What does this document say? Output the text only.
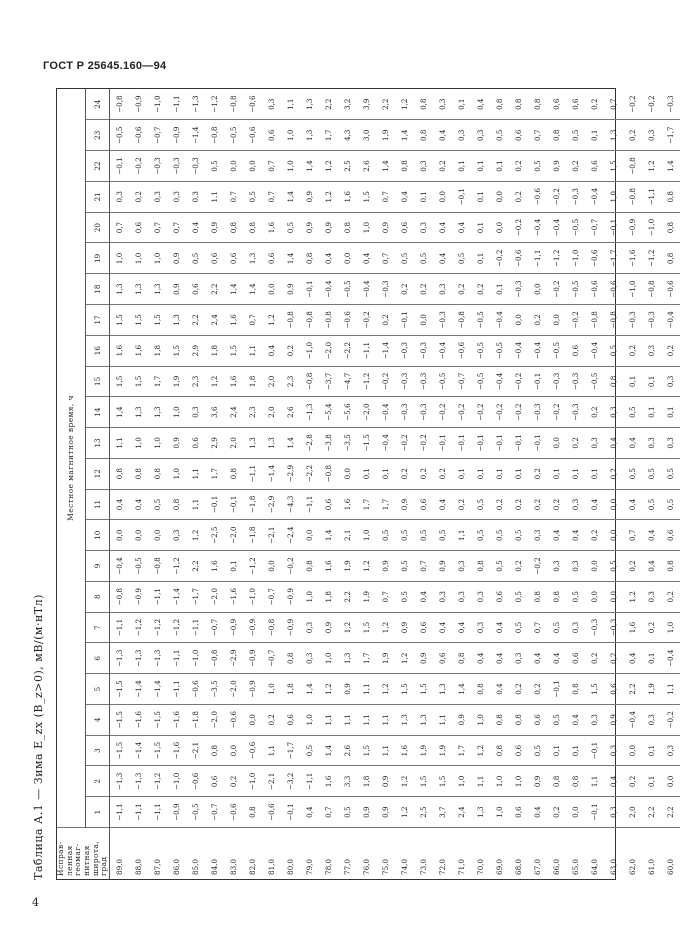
ГОСТ Р 25645.160—94
Таблица А.1 — Зима E_zx (B_z>0), мВ/(м·нТл)
4
Исправ- ленная геомаг- нитная широта, град	Местное магнитное время, ч																							
	1	2	3	4	5	6	7	8	9	10	11	12	13	14	15	16	17	18	19	20	21	22	23	24
89,0	−1,1	−1,3	−1,5	−1,5	−1,5	−1,3	−1,1	−0,8	−0,4	0,0	0,4	0,8	1,1	1,4	1,5	1,6	1,5	1,3	1,0	0,7	0,3	−0,1	−0,5	−0,8
88,0	−1,1	−1,3	−1,4	−1,6	−1,4	−1,3	−1,2	−0,9	−0,5	0,0	0,4	0,8	1,0	1,3	1,5	1,6	1,5	1,3	1,0	0,6	0,2	−0,2	−0,6	−0,9
87,0	−1,1	−1,2	−1,5	−1,5	−1,4	−1,3	−1,2	−1,1	−0,8	0,0	0,5	0,8	1,0	1,3	1,7	1,8	1,5	1,3	1,0	0,7	0,3	−0,3	−0,7	−1,0
86,0	−0,9	−1,0	−1,6	−1,6	−1,1	−1,1	−1,2	−1,4	−1,2	0,3	0,8	1,0	0,9	1,0	1,9	1,5	1,3	0,9	0,9	0,7	0,3	−0,3	−0,9	−1,1
85,0	−0,5	−0,6	−2,1	−1,8	−0,6	−1,0	−1,1	−1,7	2,2	1,2	1,1	1,1	0,6	0,3	2,3	2,9	2,2	0,6	0,5	0,4	0,3	−0,3	−1,4	−1,3
84,0	−0,7	0,6	0,8	−2,0	−3,5	−0,8	−0,7	−2,0	1,6	−2,5	−0,1	1,7	2,9	3,6	1,2	1,8	2,4	2,2	0,6	0,9	1,1	0,5	−0,8	−1,2
83,0	−0,6	0,2	0,0	−0,6	−2,0	−2,9	−0,9	−1,6	0,1	−2,0	−0,1	0,8	2,0	2,4	1,6	1,5	1,6	1,4	0,6	0,8	0,7	0,0	−0,5	−0,8
82,0	0,8	−1,0	−0,6	0,0	−0,9	−0,9	−0,9	−1,0	−1,2	−1,8	−1,8	−1,1	1,3	2,3	1,8	1,1	0,7	1,4	1,3	0,8	0,5	0,0	−0,6	−0,6
81,0	−0,6	−2,1	1,1	0,2	1,0	−0,7	−0,8	−0,7	0,0	−2,1	−2,9	−1,4	1,3	2,0	2,0	0,4	1,2	0,0	0,6	1,6	0,7	0,7	0,6	0,3
80,0	−0,1	−3,2	−1,7	0,6	1,8	0,8	−0,9	−0,9	−0,2	−2,4	−4,3	−2,9	1,4	2,6	2,3	0,2	−0,8	0,9	1,4	0,5	1,4	1,0	1,0	1,1
79,0	0,4	−1,1	0,5	1,0	1,4	0,3	0,3	1,0	0,8	0,0	−1,1	−2,2	−2,8	−1,3	−0,8	−1,0	−0,8	−0,1	0,8	0,9	0,9	1,4	1,3	1,3
78,0	0,7	1,6	1,4	1,1	1,2	1,0	0,9	1,8	1,6	1,4	0,6	−0,8	−3,8	−5,4	−3,7	−2,0	−0,8	−0,4	0,4	0,9	1,2	1,2	1,7	2,2
77,0	0,5	3,3	2,6	1,1	0,9	1,3	1,2	2,2	1,9	2,1	1,6	0,0	−3,5	−5,6	−4,7	−2,2	−0,6	−0,5	0,0	0,8	1,6	2,5	4,3	3,2
76,0	0,9	1,8	1,5	1,1	1,1	1,7	1,5	1,9	1,2	1,0	1,7	0,1	−1,5	−2,0	−1,2	−1,1	−0,2	−0,4	0,4	1,0	1,5	2,6	3,0	3,9
75,0	0,9	0,9	1,1	1,1	1,2	1,9	1,2	0,7	0,9	0,5	1,7	0,1	−0,4	−0,4	−0,2	−1,4	0,2	−0,3	0,7	0,9	0,7	1,4	1,9	2,2
74,0	1,2	1,2	1,6	1,3	1,5	1,2	0,9	0,5	0,5	0,5	0,9	0,2	−0,2	−0,3	−0,3	−0,3	−0,1	0,2	0,5	0,6	0,4	0,8	1,4	1,2
73,0	2,5	1,5	1,9	1,3	1,5	0,9	0,6	0,4	0,7	0,5	0,6	0,2	−0,2	−0,3	−0,3	−0,3	0,0	0,2	0,5	0,3	0,1	0,3	0,8	0,8
72,0	3,7	1,5	1,9	1,1	1,3	0,6	0,4	0,3	0,9	0,5	0,4	0,2	−0,1	−0,2	−0,5	−0,4	−0,3	0,3	0,4	0,4	0,0	0,2	0,4	0,3
71,0	2,4	1,0	1,7	0,9	1,4	0,8	0,4	0,3	0,3	1,1	0,2	0,1	−0,1	−0,2	−0,7	−0,6	−0,8	0,2	0,5	0,4	−0,1	0,1	0,3	0,1
70,0	1,3	1,1	1,2	1,0	0,8	0,4	0,3	0,3	0,8	0,5	0,5	0,1	−0,1	−0,2	−0,5	−0,5	−0,5	0,2	0,1	0,1	0,1	0,1	0,3	0,4
69,0	1,0	1,0	0,8	0,8	0,4	0,4	0,4	0,6	0,5	0,5	0,2	0,1	−0,1	−0,2	−0,4	−0,5	−0,4	0,1	−0,2	0,0	0,0	0,1	0,5	0,8
68,0	0,6	1,0	0,6	0,8	0,2	0,3	0,5	0,5	0,2	0,5	0,2	0,1	−0,1	−0,2	−0,2	−0,4	0,0	−0,3	−0,6	−0,2	0,2	0,2	0,6	0,8
67,0	0,4	0,9	0,5	0,6	0,2	0,4	0,7	0,8	−0,2	0,3	0,2	0,2	−0,1	−0,3	−0,1	−0,4	0,2	0,0	−1,1	−0,4	−0,6	0,5	0,7	0,8
66,0	0,2	0,8	0,1	0,5	−0,1	0,4	0,5	0,8	0,3	0,4	0,2	0,1	0,0	−0,2	−0,3	−0,5	0,0	−0,2	−1,2	−0,4	−0,2	0,9	0,8	0,6
65,0	0,0	0,8	0,1	0,4	0,8	0,6	0,3	0,5	0,3	0,4	0,3	0,1	0,2	−0,3	−0,3	0,6	−0,2	−0,5	−1,0	−0,5	−0,3	0,2	0,5	0,6
64,0	−0,1	1,1	−0,1	0,3	1,5	0,2	−0,3	0,0	0,0	0,2	0,4	0,1	0,3	0,2	−0,5	−0,4	−0,8	−0,6	−0,6	−0,7	−0,4	0,6	0,1	0,2
63,0	0,3	0,4	0,3	0,9	0,6	0,2	−0,3	0,0	0,5	0,0	0,0	0,2	0,4	0,3	0,8	0,5	−0,8	−0,6	−1,7	−0,1	1,0	1,5	1,3	0,7
62,0	2,0	0,2	0,0	−0,4	2,2	0,4	1,6	1,2	0,2	0,7	0,4	0,5	0,4	0,5	0,1	0,2	−0,3	−1,0	−1,6	−0,9	−0,8	−0,8	0,2	−0,2
61,0	2,2	0,1	0,1	0,3	1,9	0,1	0,2	0,3	0,4	0,4	0,5	0,5	0,3	0,1	0,1	0,3	−0,3	−0,8	−1,2	−1,0	−1,1	1,2	0,3	−0,2
60,0	2,2	0,0	0,3	−0,2	1,1	−0,4	1,0	0,2	0,8	0,6	0,5	0,5	0,3	0,1	0,3	0,2	−0,4	−0,6	0,8	0,8	0,8	1,4	−1,7	−0,3
